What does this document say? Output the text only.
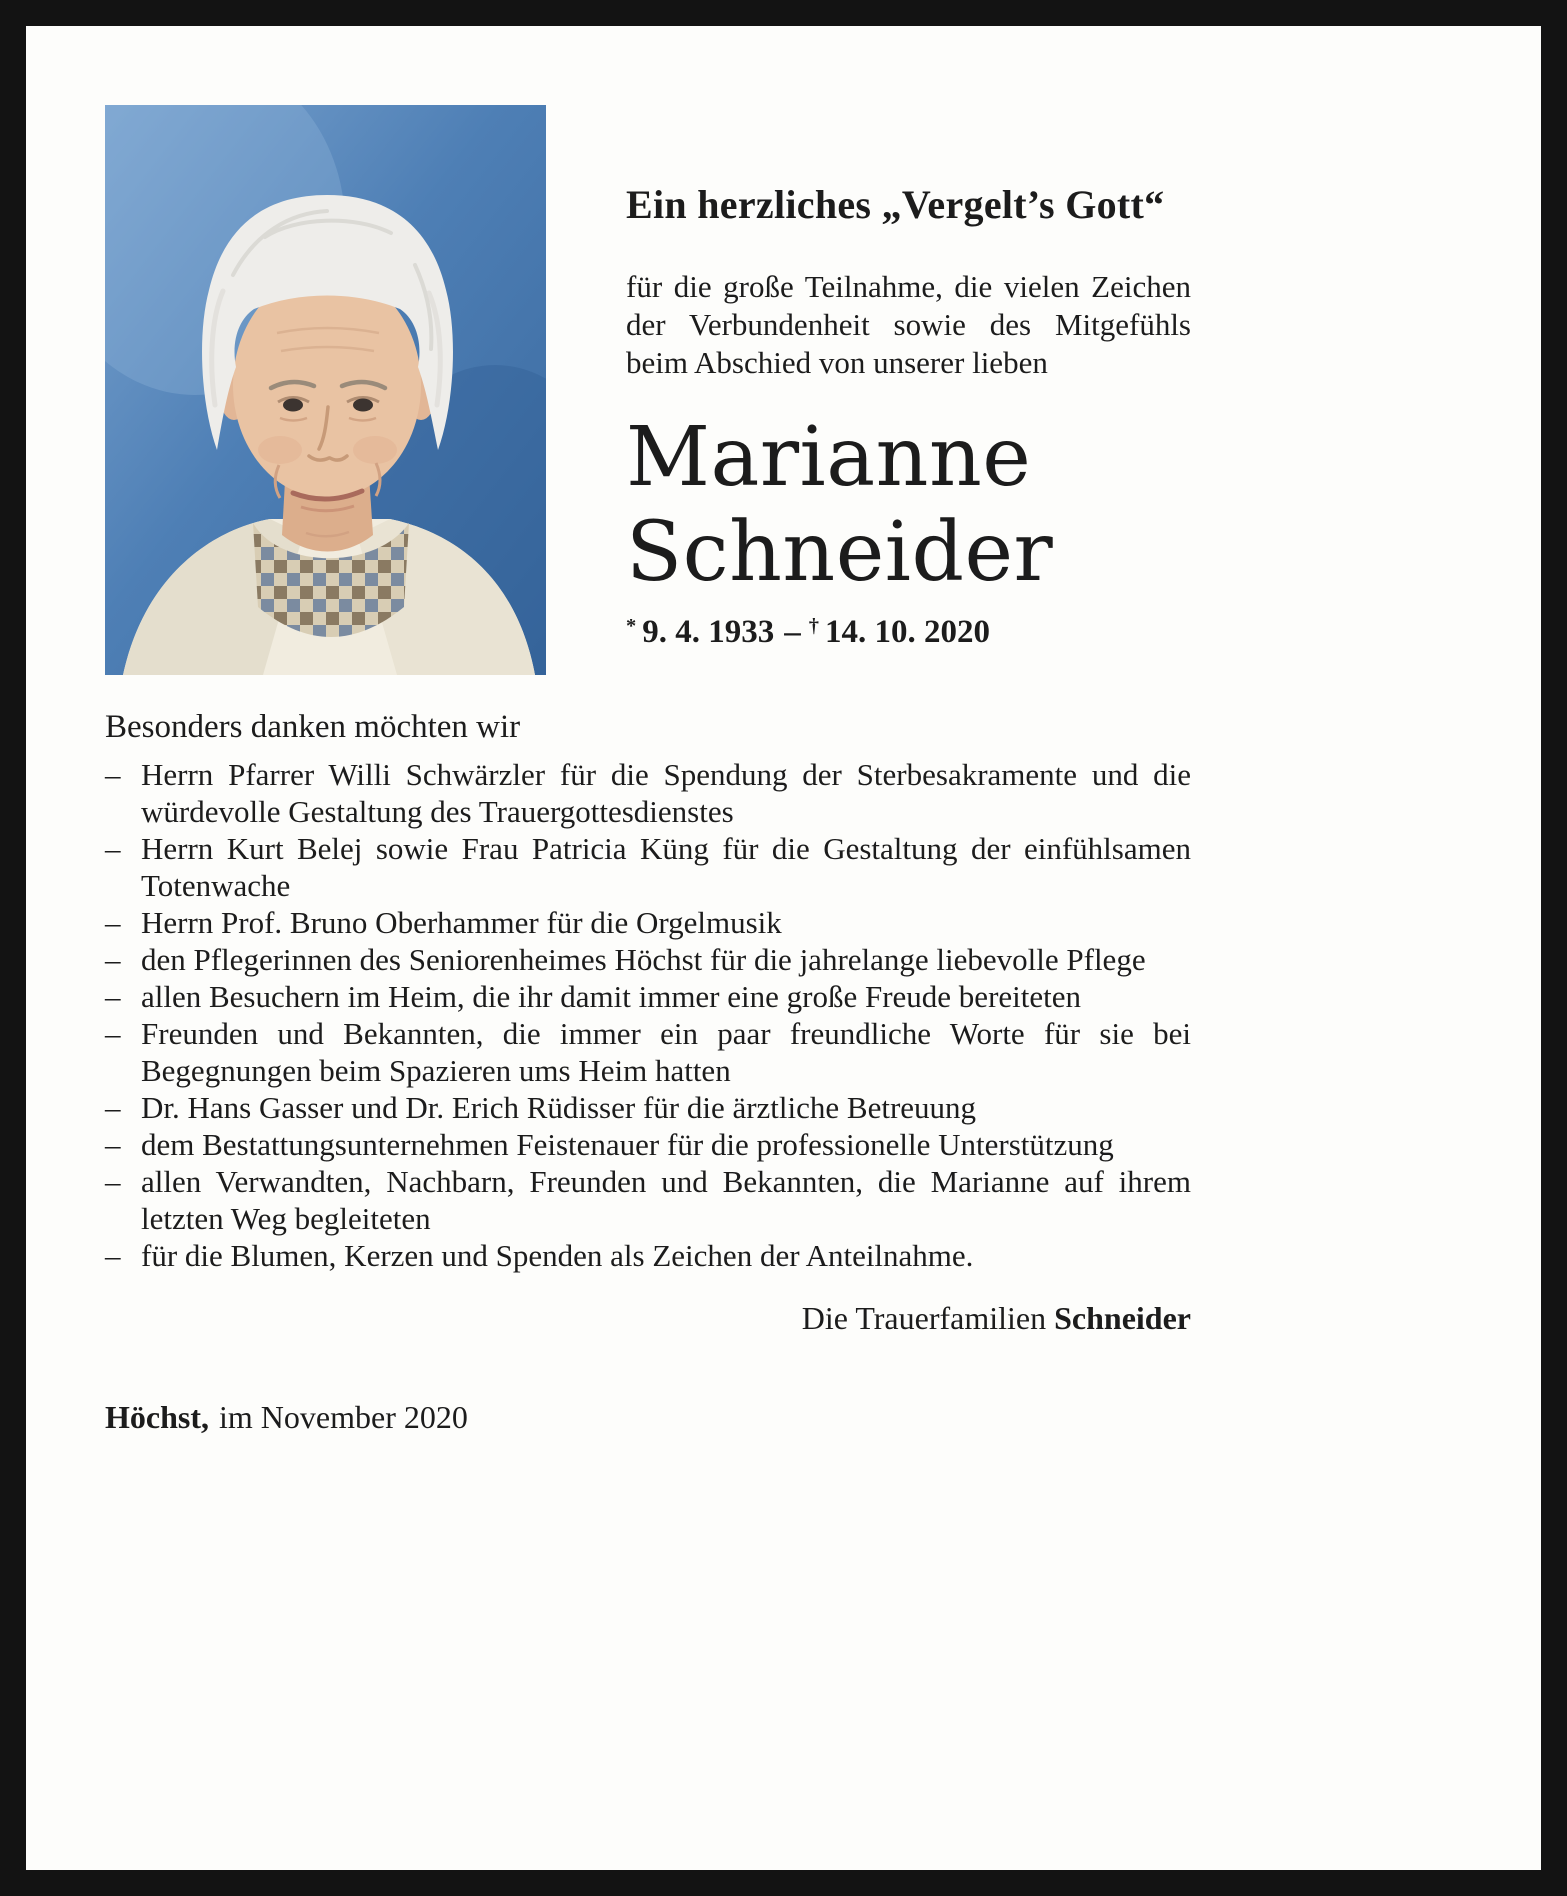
Ein herzliches „Vergelt’s Gott“

für die große Teilnahme, die vielen Zeichen der Verbundenheit sowie des Mitgefühls beim Abschied von unserer lieben

Marianne
Schneider
* 9. 4. 1933 – † 14. 10. 2020
Besonders danken möchten wir
– Herrn Pfarrer Willi Schwärzler für die Spendung der Sterbesakramente und die würdevolle Gestaltung des Trauergottesdienstes
– Herrn Kurt Belej sowie Frau Patricia Küng für die Gestaltung der einfühlsamen Totenwache
– Herrn Prof. Bruno Oberhammer für die Orgelmusik
– den Pflegerinnen des Seniorenheimes Höchst für die jahrelange liebevolle Pflege
– allen Besuchern im Heim, die ihr damit immer eine große Freude bereiteten
– Freunden und Bekannten, die immer ein paar freundliche Worte für sie bei Begegnungen beim Spazieren ums Heim hatten
– Dr. Hans Gasser und Dr. Erich Rüdisser für die ärztliche Betreuung
– dem Bestattungsunternehmen Feistenauer für die professionelle Unterstützung
– allen Verwandten, Nachbarn, Freunden und Bekannten, die Marianne auf ihrem letzten Weg begleiteten
– für die Blumen, Kerzen und Spenden als Zeichen der Anteilnahme.
Die Trauerfamilien Schneider
Höchst, im November 2020
